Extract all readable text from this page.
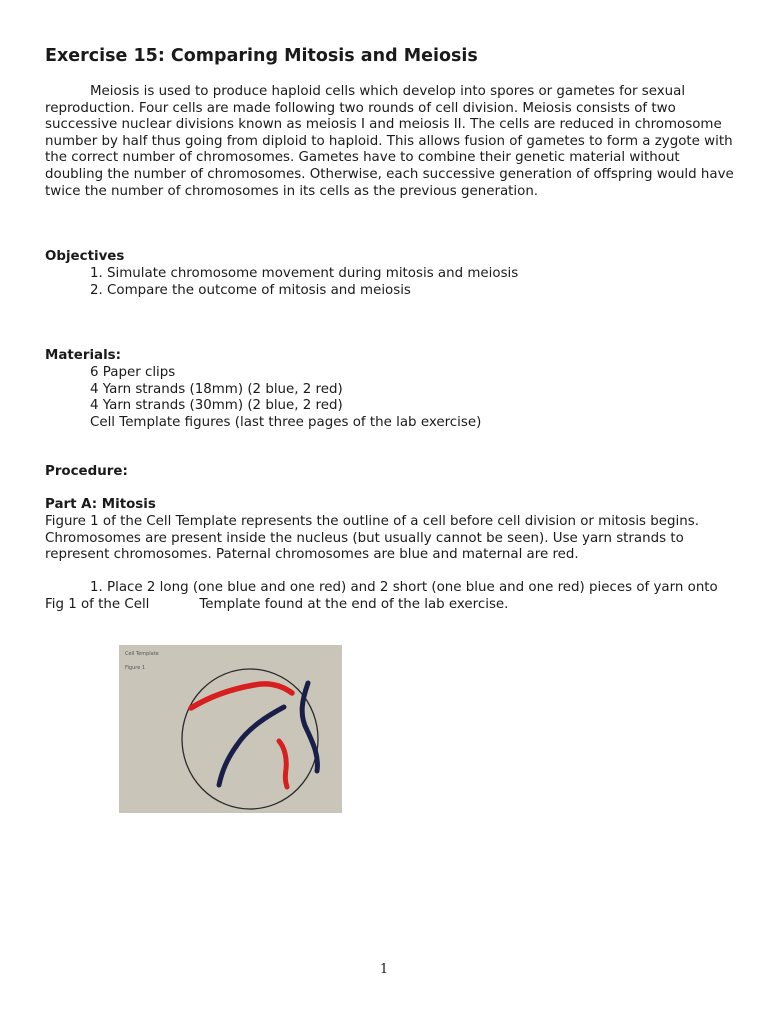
Exercise 15: Comparing Mitosis and Meiosis
Meiosis is used to produce haploid cells which develop into spores or gametes for sexual reproduction. Four cells are made following two rounds of cell division. Meiosis consists of two successive nuclear divisions known as meiosis I and meiosis II. The cells are reduced in chromosome number by half thus going from diploid to haploid. This allows fusion of gametes to form a zygote with the correct number of chromosomes. Gametes have to combine their genetic material without doubling the number of chromosomes. Otherwise, each successive generation of offspring would have twice the number of chromosomes in its cells as the previous generation.
Objectives
1. Simulate chromosome movement during mitosis and meiosis
2. Compare the outcome of mitosis and meiosis
Materials:
6 Paper clips
4 Yarn strands (18mm) (2 blue, 2 red)
4 Yarn strands (30mm) (2 blue, 2 red)
Cell Template figures (last three pages of the lab exercise)
Procedure:
Part A: Mitosis
Figure 1 of the Cell Template represents the outline of a cell before cell division or mitosis begins. Chromosomes are present inside the nucleus (but usually cannot be seen). Use yarn strands to represent chromosomes. Paternal chromosomes are blue and maternal are red.
1. Place 2 long (one blue and one red) and 2 short (one blue and one red) pieces of yarn onto Fig 1 of the Cell	Template found at the end of the lab exercise.
Cell Template
Figure 1
1
